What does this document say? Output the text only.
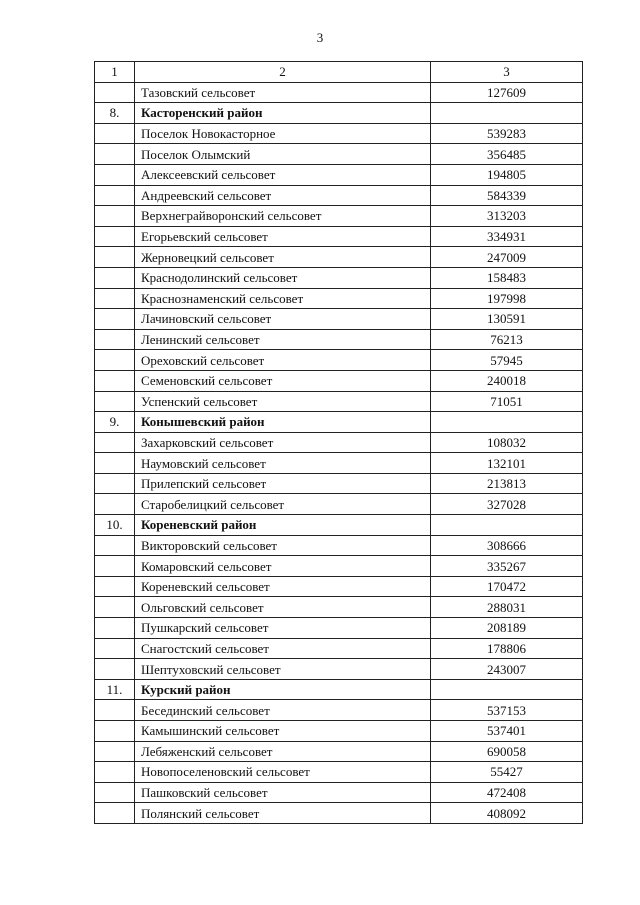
3
1	2	3
	Тазовский сельсовет	127609
8.	Касторенский район	
	Поселок Новокасторное	539283
	Поселок Олымский	356485
	Алексеевский сельсовет	194805
	Андреевский сельсовет	584339
	Верхнеграйворонский сельсовет	313203
	Егорьевский сельсовет	334931
	Жерновецкий сельсовет	247009
	Краснодолинский сельсовет	158483
	Краснознаменский сельсовет	197998
	Лачиновский сельсовет	130591
	Ленинский сельсовет	76213
	Ореховский сельсовет	57945
	Семеновский сельсовет	240018
	Успенский сельсовет	71051
9.	Конышевский район	
	Захарковский сельсовет	108032
	Наумовский сельсовет	132101
	Прилепский сельсовет	213813
	Старобелицкий сельсовет	327028
10.	Кореневский район	
	Викторовский сельсовет	308666
	Комаровский сельсовет	335267
	Кореневский сельсовет	170472
	Ольговский сельсовет	288031
	Пушкарский сельсовет	208189
	Снагостский сельсовет	178806
	Шептуховский сельсовет	243007
11.	Курский район	
	Бесединский сельсовет	537153
	Камышинский сельсовет	537401
	Лебяженский сельсовет	690058
	Новопоселеновский сельсовет	55427
	Пашковский сельсовет	472408
	Полянский сельсовет	408092
